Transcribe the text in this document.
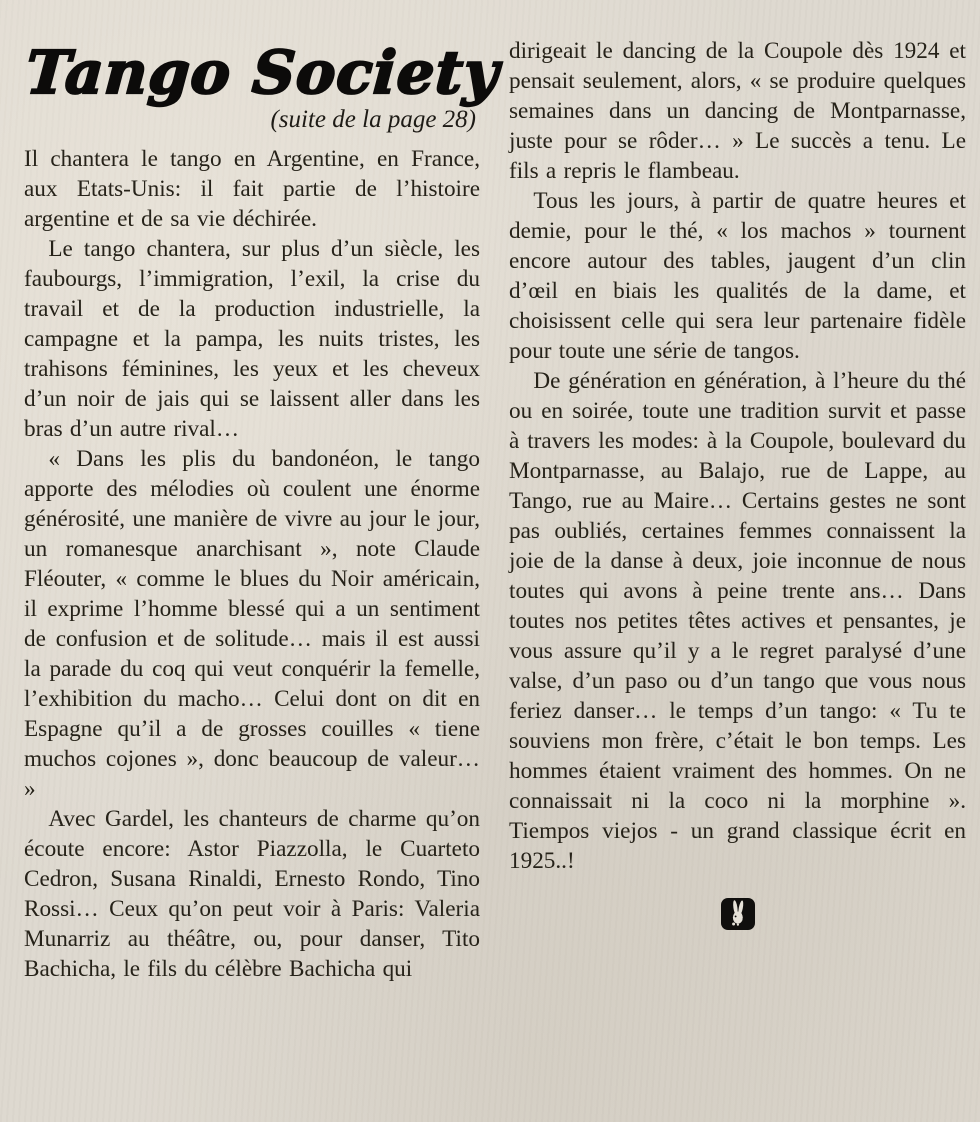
Tango Society
(suite de la page 28)

Il chantera le tango en Argentine, en France, aux Etats-Unis: il fait partie de l’histoire argentine et de sa vie déchirée.

Le tango chantera, sur plus d’un siècle, les faubourgs, l’immigration, l’exil, la crise du travail et de la production industrielle, la campagne et la pampa, les nuits tristes, les trahisons féminines, les yeux et les cheveux d’un noir de jais qui se laissent aller dans les bras d’un autre rival…

« Dans les plis du bandonéon, le tango apporte des mélodies où coulent une énorme générosité, une manière de vivre au jour le jour, un romanesque anarchisant », note Claude Fléouter, « comme le blues du Noir américain, il exprime l’homme blessé qui a un sentiment de confusion et de solitude… mais il est aussi la parade du coq qui veut conquérir la femelle, l’exhibition du macho… Celui dont on dit en Espagne qu’il a de grosses couilles « tiene muchos cojones », donc beaucoup de valeur… »

Avec Gardel, les chanteurs de charme qu’on écoute encore: Astor Piazzolla, le Cuarteto Cedron, Susana Rinaldi, Ernesto Rondo, Tino Rossi… Ceux qu’on peut voir à Paris: Valeria Munarriz au théâtre, ou, pour danser, Tito Bachicha, le fils du célèbre Bachicha qui

dirigeait le dancing de la Coupole dès 1924 et pensait seulement, alors, « se produire quelques semaines dans un dancing de Montparnasse, juste pour se rôder… » Le succès a tenu. Le fils a repris le flambeau.

Tous les jours, à partir de quatre heures et demie, pour le thé, « los machos » tournent encore autour des tables, jaugent d’un clin d’œil en biais les qualités de la dame, et choisissent celle qui sera leur partenaire fidèle pour toute une série de tangos.

De génération en génération, à l’heure du thé ou en soirée, toute une tradition survit et passe à travers les modes: à la Coupole, boulevard du Montparnasse, au Balajo, rue de Lappe, au Tango, rue au Maire… Certains gestes ne sont pas oubliés, certaines femmes connaissent la joie de la danse à deux, joie inconnue de nous toutes qui avons à peine trente ans… Dans toutes nos petites têtes actives et pensantes, je vous assure qu’il y a le regret paralysé d’une valse, d’un paso ou d’un tango que vous nous feriez danser… le temps d’un tango: « Tu te souviens mon frère, c’était le bon temps. Les hommes étaient vraiment des hommes. On ne connaissait ni la coco ni la morphine ». Tiempos viejos - un grand classique écrit en 1925..!
